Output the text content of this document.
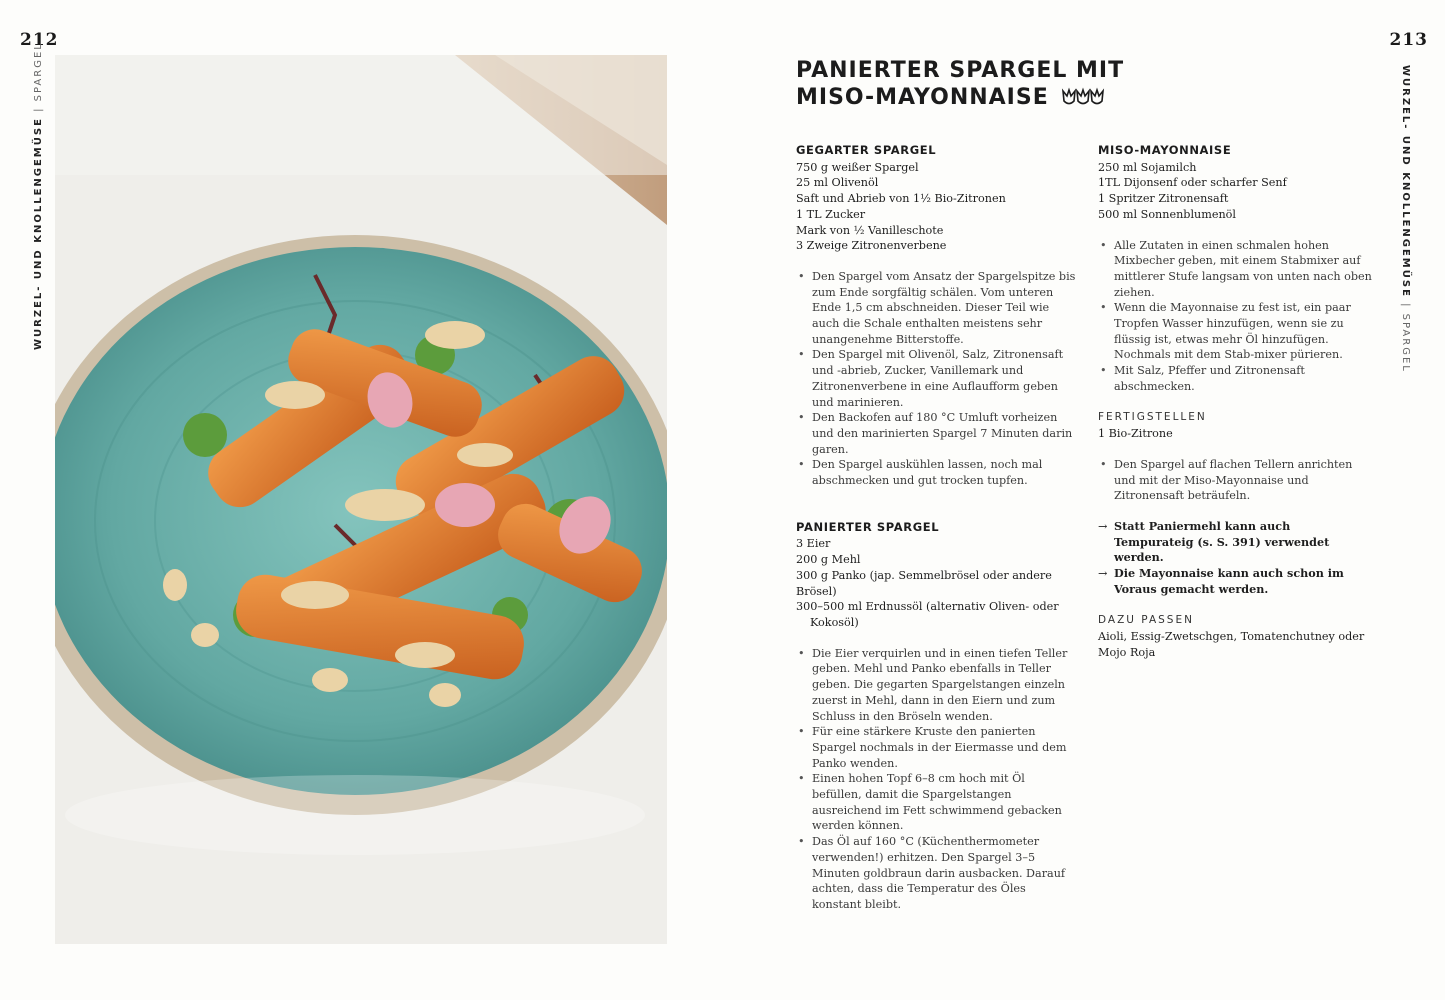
212	213
WURZEL- UND KNOLLENGEMÜSE | SPARGEL	WURZEL- UND KNOLLENGEMÜSE | SPARGEL
PANIERTER SPARGEL MIT
MISO-MAYONNAISE
GEGARTER SPARGEL
750 g weißer Spargel
25 ml Olivenöl
Saft und Abrieb von 1½ Bio-Zitronen
1 TL Zucker
Mark von ½ Vanilleschote
3 Zweige Zitronenverbene
• Den Spargel vom Ansatz der Spargelspitze bis zum Ende sorgfältig schälen. Vom unteren Ende 1,5 cm abschneiden. Dieser Teil wie auch die Schale enthalten meistens sehr unangenehme Bitterstoffe.
• Den Spargel mit Olivenöl, Salz, Zitronensaft und -abrieb, Zucker, Vanillemark und Zitronenverbene in eine Auflaufform geben und marinieren.
• Den Backofen auf 180 °C Umluft vorheizen und den marinierten Spargel 7 Minuten darin garen.
• Den Spargel auskühlen lassen, noch mal abschmecken und gut trocken tupfen.
PANIERTER SPARGEL
3 Eier
200 g Mehl
300 g Panko (jap. Semmelbrösel oder andere Brösel)
300–500 ml Erdnussöl (alternativ Oliven- oder Kokosöl)
• Die Eier verquirlen und in einen tiefen Teller geben. Mehl und Panko ebenfalls in Teller geben. Die gegarten Spargelstangen einzeln zuerst in Mehl, dann in den Eiern und zum Schluss in den Bröseln wenden.
• Für eine stärkere Kruste den panierten Spargel nochmals in der Eiermasse und dem Panko wenden.
• Einen hohen Topf 6–8 cm hoch mit Öl befüllen, damit die Spargelstangen ausreichend im Fett schwimmend gebacken werden können.
• Das Öl auf 160 °C (Küchenthermometer verwenden!) erhitzen. Den Spargel 3–5 Minuten goldbraun darin ausbacken. Darauf achten, dass die Temperatur des Öles konstant bleibt.
MISO-MAYONNAISE
250 ml Sojamilch
1TL Dijonsenf oder scharfer Senf
1 Spritzer Zitronensaft
500 ml Sonnenblumenöl
• Alle Zutaten in einen schmalen hohen Mixbecher geben, mit einem Stabmixer auf mittlerer Stufe langsam von unten nach oben ziehen.
• Wenn die Mayonnaise zu fest ist, ein paar Tropfen Wasser hinzufügen, wenn sie zu flüssig ist, etwas mehr Öl hinzufügen. Nochmals mit dem Stab-mixer pürieren.
• Mit Salz, Pfeffer und Zitronensaft abschmecken.
FERTIGSTELLEN
1 Bio-Zitrone
• Den Spargel auf flachen Tellern anrichten und mit der Miso-Mayonnaise und Zitronensaft beträufeln.
→ Statt Paniermehl kann auch Tempurateig (s. S. 391) verwendet werden.
→ Die Mayonnaise kann auch schon im Voraus gemacht werden.
DAZU PASSEN
Aioli, Essig-Zwetschgen, Tomatenchutney oder Mojo Roja
